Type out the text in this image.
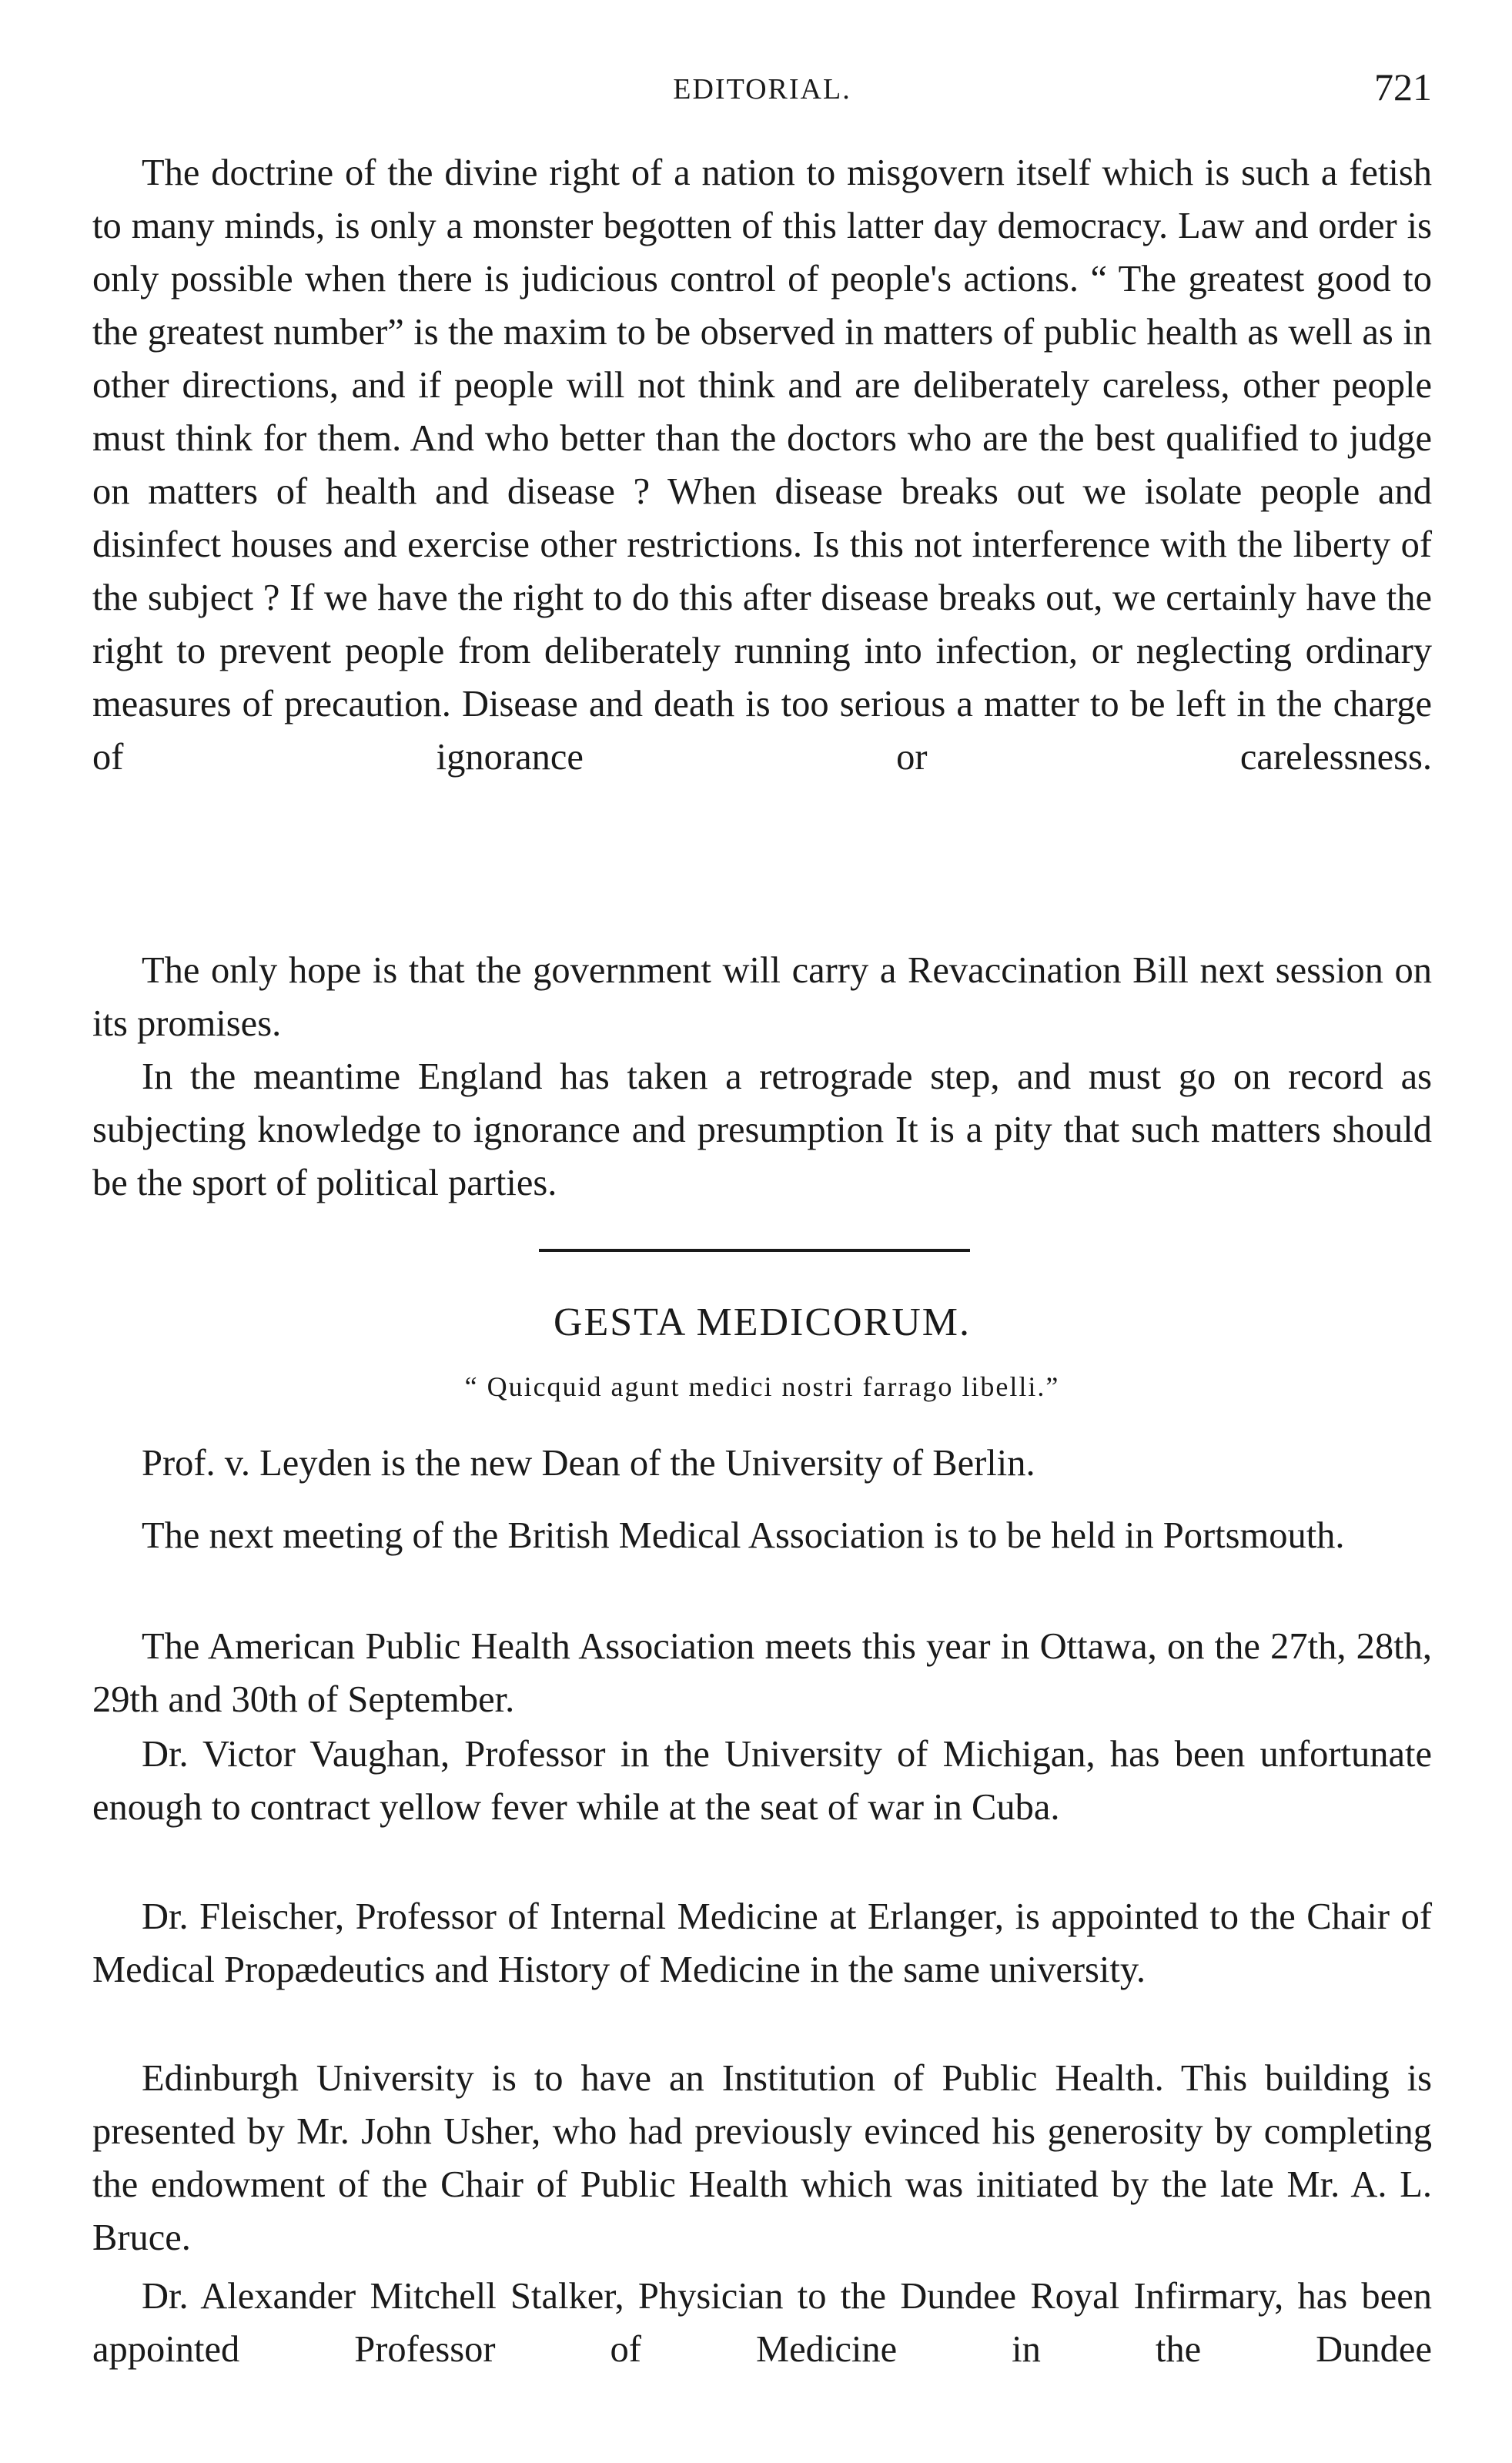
EDITORIAL.	721

The doctrine of the divine right of a nation to misgovern itself which is such a fetish to many minds, is only a monster begotten of this latter day democracy. Law and order is only possible when there is judicious control of people's actions. “ The greatest good to the greatest number” is the maxim to be observed in matters of public health as well as in other directions, and if people will not think and are deliberately careless, other people must think for them. And who better than the doctors who are the best qualified to judge on matters of health and disease ? When disease breaks out we isolate people and disinfect houses and exercise other restrictions. Is this not interference with the liberty of the subject ? If we have the right to do this after disease breaks out, we certainly have the right to prevent people from deliberately running into infection, or neglecting ordinary measures of precaution. Disease and death is too serious a matter to be left in the charge of ignorance or carelessness.

The only hope is that the government will carry a Revaccination Bill next session on its promises.

In the meantime England has taken a retrograde step, and must go on record as subjecting knowledge to ignorance and presumption It is a pity that such matters should be the sport of political parties.

GESTA MEDICORUM.
“ Quicquid agunt medici nostri farrago libelli.”

Prof. v. Leyden is the new Dean of the University of Berlin.

The next meeting of the British Medical Association is to be held in Portsmouth.

The American Public Health Association meets this year in Ottawa, on the 27th, 28th, 29th and 30th of September.

Dr. Victor Vaughan, Professor in the University of Michigan, has been unfortunate enough to contract yellow fever while at the seat of war in Cuba.

Dr. Fleischer, Professor of Internal Medicine at Erlanger, is appointed to the Chair of Medical Propædeutics and History of Medicine in the same university.

Edinburgh University is to have an Institution of Public Health. This building is presented by Mr. John Usher, who had previously evinced his generosity by completing the endowment of the Chair of Public Health which was initiated by the late Mr. A. L. Bruce.

Dr. Alexander Mitchell Stalker, Physician to the Dundee Royal Infirmary, has been appointed Professor of Medicine in the Dundee
